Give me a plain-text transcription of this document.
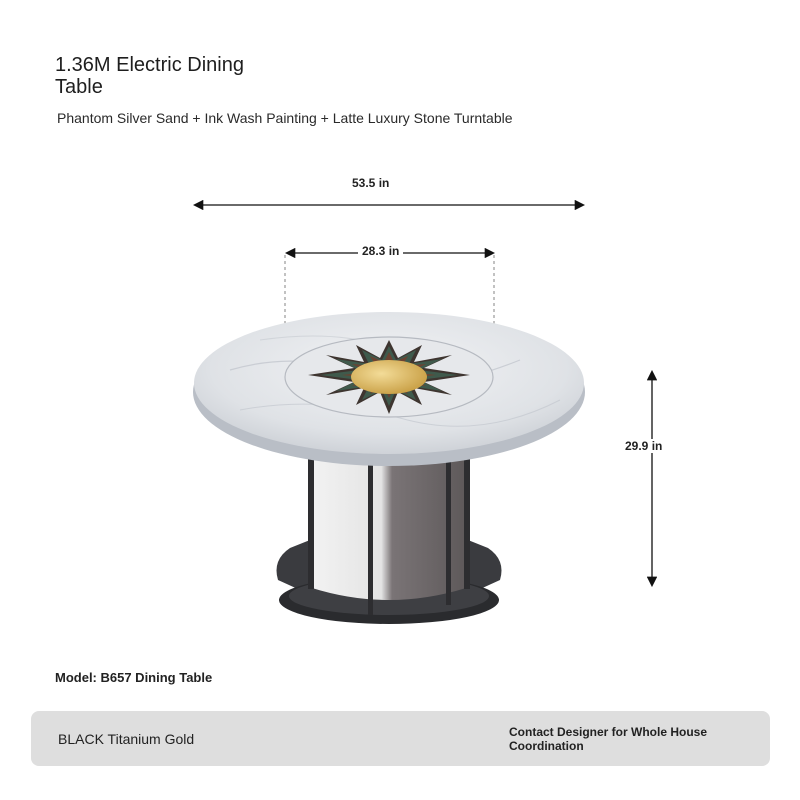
1.36M Electric Dining Table

Phantom Silver Sand + Ink Wash Painting + Latte Luxury Stone Turntable

53.5 in
28.3 in
29.9 in

Model: B657 Dining Table

BLACK Titanium Gold	Contact Designer for Whole House Coordination
